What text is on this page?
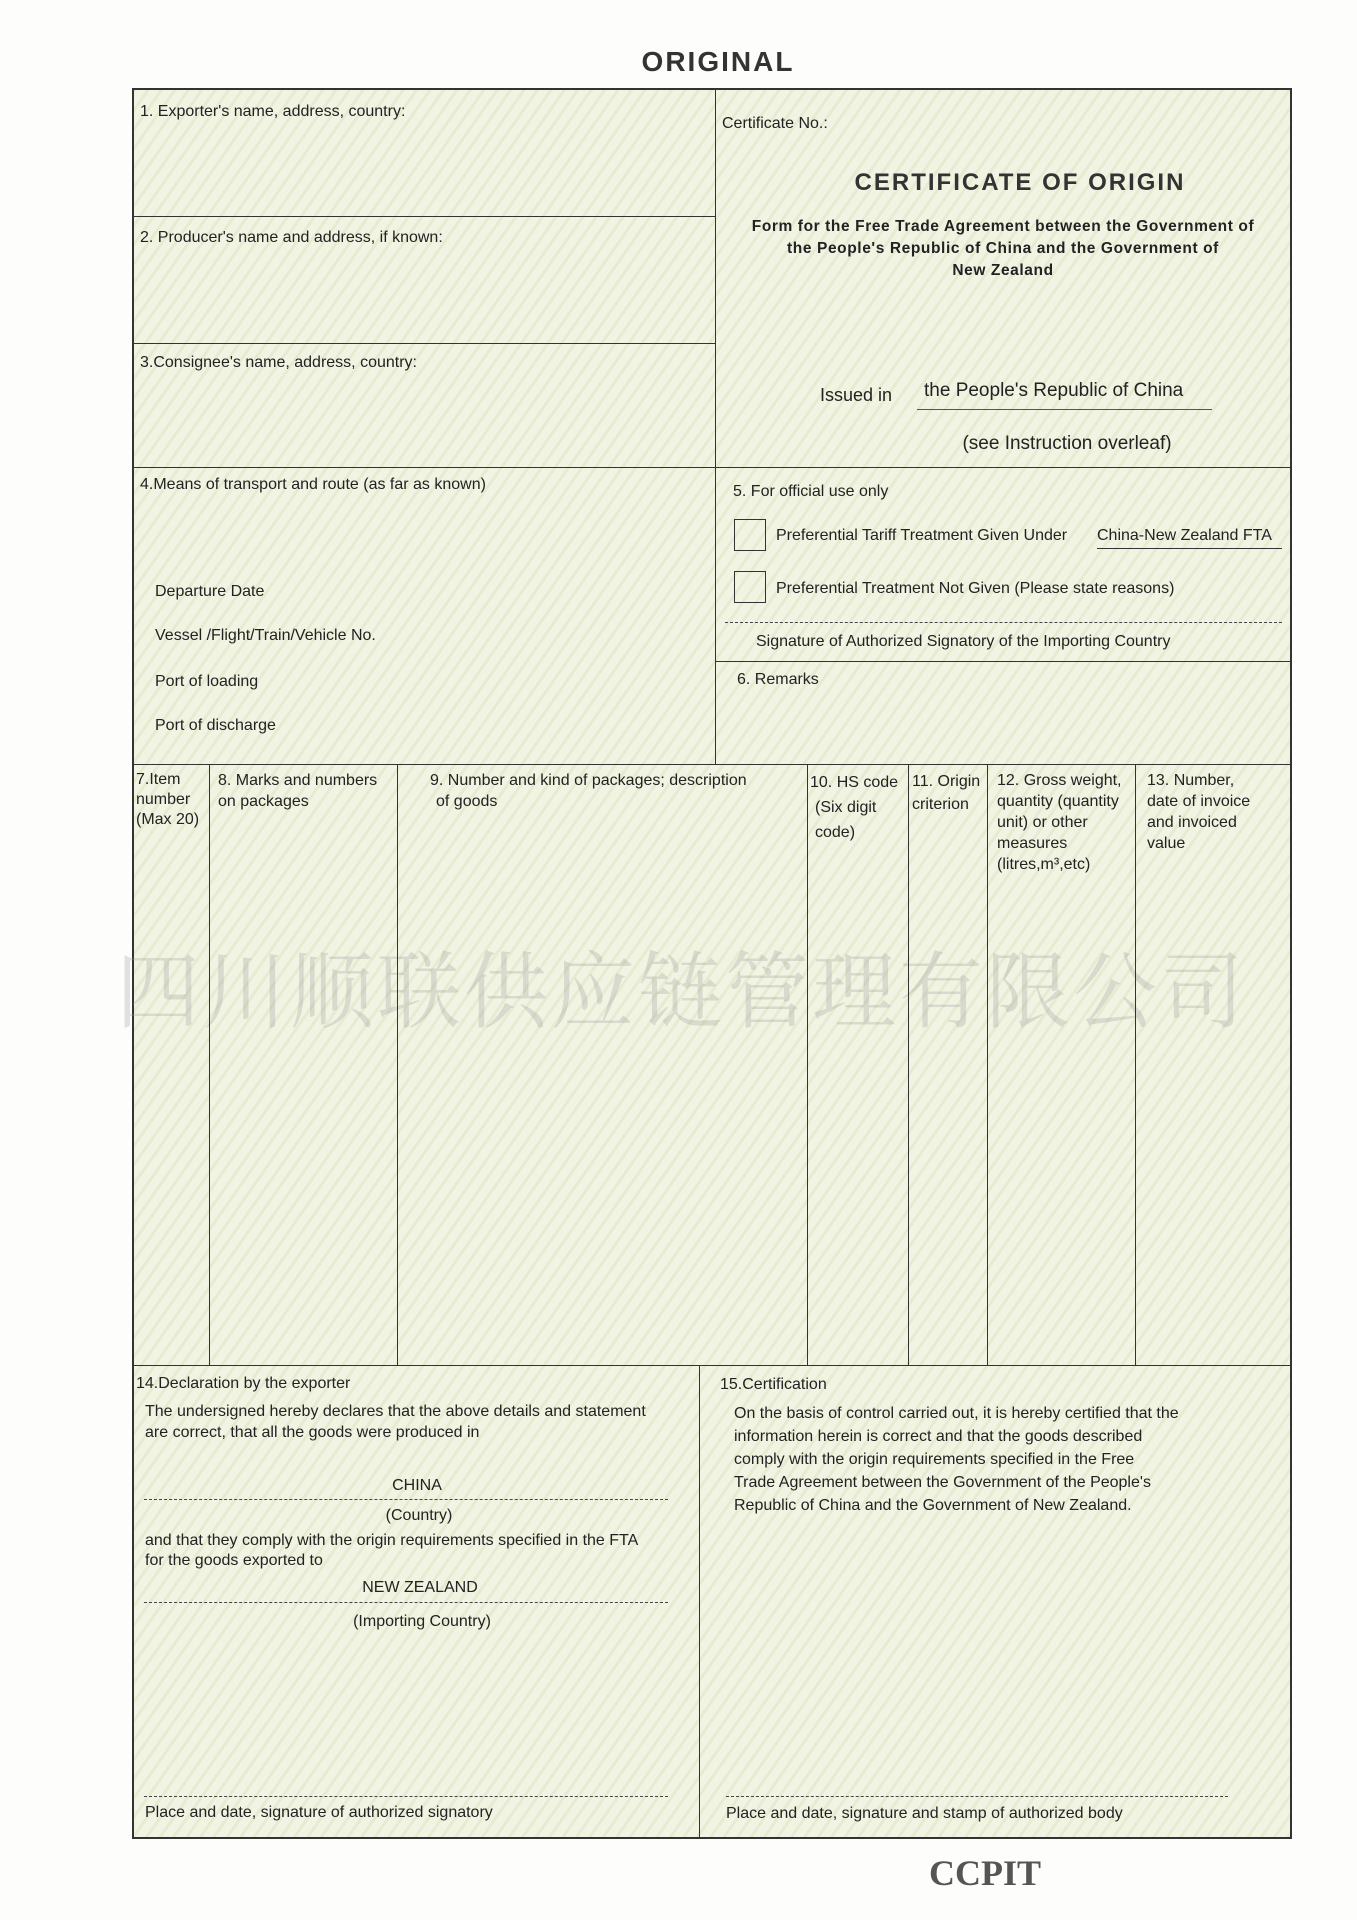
ORIGINAL
四川顺联供应链管理有限公司
1. Exporter's name, address, country:
2. Producer's name and address, if known:
3.Consignee's name, address, country:
Certificate No.:
CERTIFICATE OF ORIGIN
Form for the Free Trade Agreement between the Government of
the People's Republic of China and the Government of
New Zealand
Issued in the People's Republic of China
(see Instruction overleaf)
4.Means of transport and route (as far as known)
Departure Date
Vessel /Flight/Train/Vehicle No.
Port of loading
Port of discharge
5. For official use only
Preferential Tariff Treatment Given Under China-New Zealand FTA
Preferential Treatment Not Given (Please state reasons)
Signature of Authorized Signatory of the Importing Country
6. Remarks
7.Item
number
(Max 20)
8. Marks and numbers
on packages
9. Number and kind of packages; description
of goods
10. HS code
(Six digit
code)
11. Origin
criterion
12. Gross weight,
quantity (quantity
unit) or other
measures
(litres,m³,etc)
13. Number,
date of invoice
and invoiced
value
14.Declaration by the exporter
The undersigned hereby declares that the above details and statement
are correct, that all the goods were produced in
CHINA
(Country)
and that they comply with the origin requirements specified in the FTA
for the goods exported to
NEW ZEALAND
(Importing Country)
Place and date, signature of authorized signatory
15.Certification
On the basis of control carried out, it is hereby certified that the
information herein is correct and that the goods described
comply with the origin requirements specified in the Free
Trade Agreement between the Government of the People's
Republic of China and the Government of New Zealand.
Place and date, signature and stamp of authorized body
CCPIT
